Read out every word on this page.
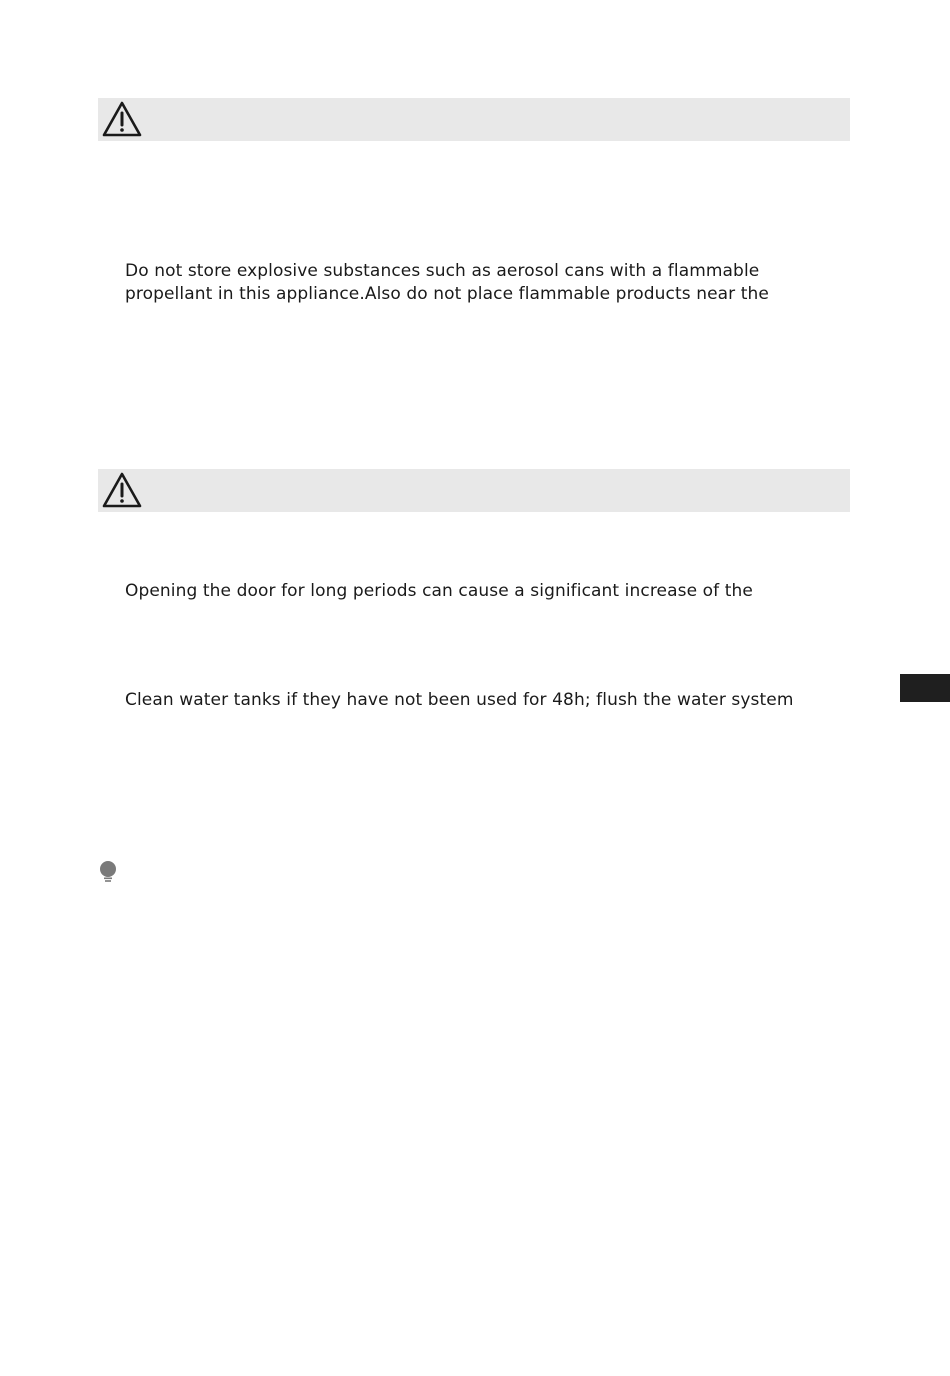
Do not store explosive substances such as aerosol cans with a flammable
propellant in this appliance.Also do not place flammable products near the
Opening the door for long periods can cause a significant increase of the
Clean water tanks if they have not been used for 48h; flush the water system
